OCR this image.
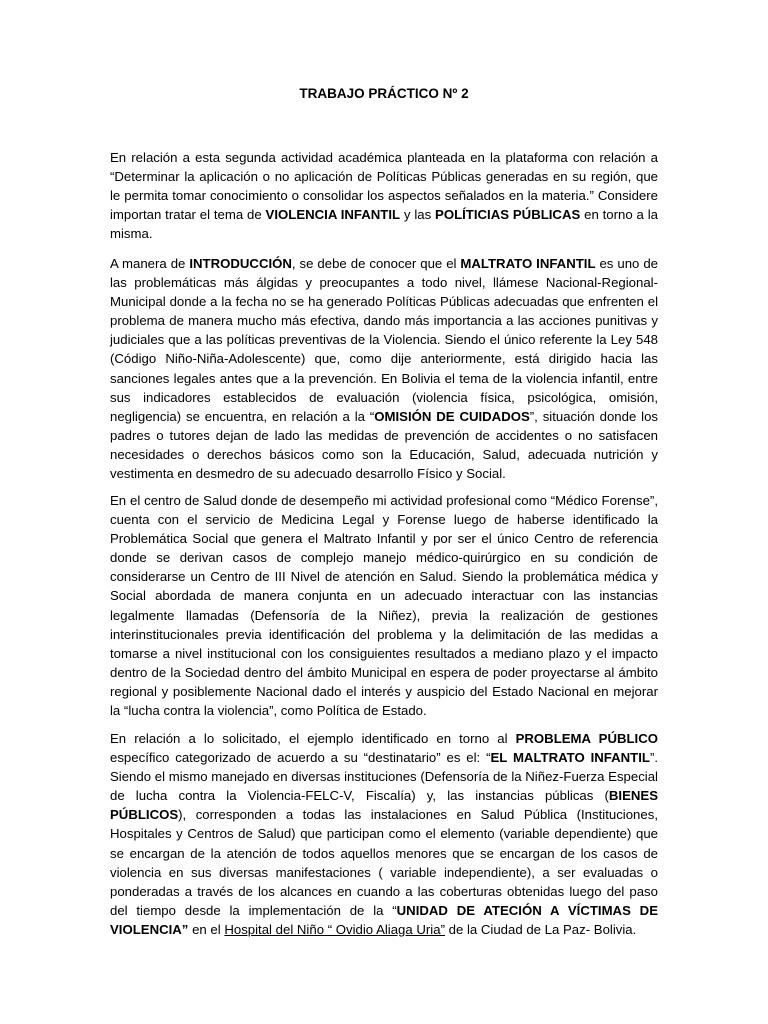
TRABAJO PRÁCTICO Nº 2

En relación a esta segunda actividad académica planteada en la plataforma con relación a “Determinar la aplicación o no aplicación de Políticas Públicas generadas en su región, que le permita tomar conocimiento o consolidar los aspectos señalados en la materia.” Considere importan tratar el tema de VIOLENCIA INFANTIL y las POLÍTICIAS PÚBLICAS en torno a la misma.

A manera de INTRODUCCIÓN, se debe de conocer que el MALTRATO INFANTIL es uno de las problemáticas más álgidas y preocupantes a todo nivel, llámese Nacional-Regional-Municipal donde a la fecha no se ha generado Políticas Públicas adecuadas que enfrenten el problema de manera mucho más efectiva, dando más importancia a las acciones punitivas y judiciales que a las políticas preventivas de la Violencia. Siendo el único referente la Ley 548 (Código Niño-Niña-Adolescente) que, como dije anteriormente, está dirigido hacia las sanciones legales antes que a la prevención. En Bolivia el tema de la violencia infantil, entre sus indicadores establecidos de evaluación (violencia física, psicológica, omisión, negligencia) se encuentra, en relación a la “OMISIÓN DE CUIDADOS”, situación donde los padres o tutores dejan de lado las medidas de prevención de accidentes o no satisfacen necesidades o derechos básicos como son la Educación, Salud, adecuada nutrición y vestimenta en desmedro de su adecuado desarrollo Físico y Social.

En el centro de Salud donde de desempeño mi actividad profesional como “Médico Forense”, cuenta con el servicio de Medicina Legal y Forense luego de haberse identificado la Problemática Social que genera el Maltrato Infantil y por ser el único Centro de referencia donde se derivan casos de complejo manejo médico-quirúrgico en su condición de considerarse un Centro de III Nivel de atención en Salud. Siendo la problemática médica y Social abordada de manera conjunta en un adecuado interactuar con las instancias legalmente llamadas (Defensoría de la Niñez), previa la realización de gestiones interinstitucionales previa identificación del problema y la delimitación de las medidas a tomarse a nivel institucional con los consiguientes resultados a mediano plazo y el impacto dentro de la Sociedad dentro del ámbito Municipal en espera de poder proyectarse al ámbito regional y posiblemente Nacional dado el interés y auspicio del Estado Nacional en mejorar la “lucha contra la violencia”, como Política de Estado.

En relación a lo solicitado, el ejemplo identificado en torno al PROBLEMA PÚBLICO específico categorizado de acuerdo a su “destinatario” es el: “EL MALTRATO INFANTIL”. Siendo el mismo manejado en diversas instituciones (Defensoría de la Niñez-Fuerza Especial de lucha contra la Violencia-FELC-V, Fiscalía) y, las instancias públicas (BIENES PÚBLICOS), corresponden a todas las instalaciones en Salud Pública (Instituciones, Hospitales y Centros de Salud) que participan como el elemento (variable dependiente) que se encargan de la atención de todos aquellos menores que se encargan de los casos de violencia en sus diversas manifestaciones ( variable independiente), a ser evaluadas o ponderadas a través de los alcances en cuando a las coberturas obtenidas luego del paso del tiempo desde la implementación de la “UNIDAD DE ATECIÓN A VÍCTIMAS DE VIOLENCIA” en el Hospital del Niño “ Ovidio Aliaga Uria” de la Ciudad de La Paz- Bolivia.
